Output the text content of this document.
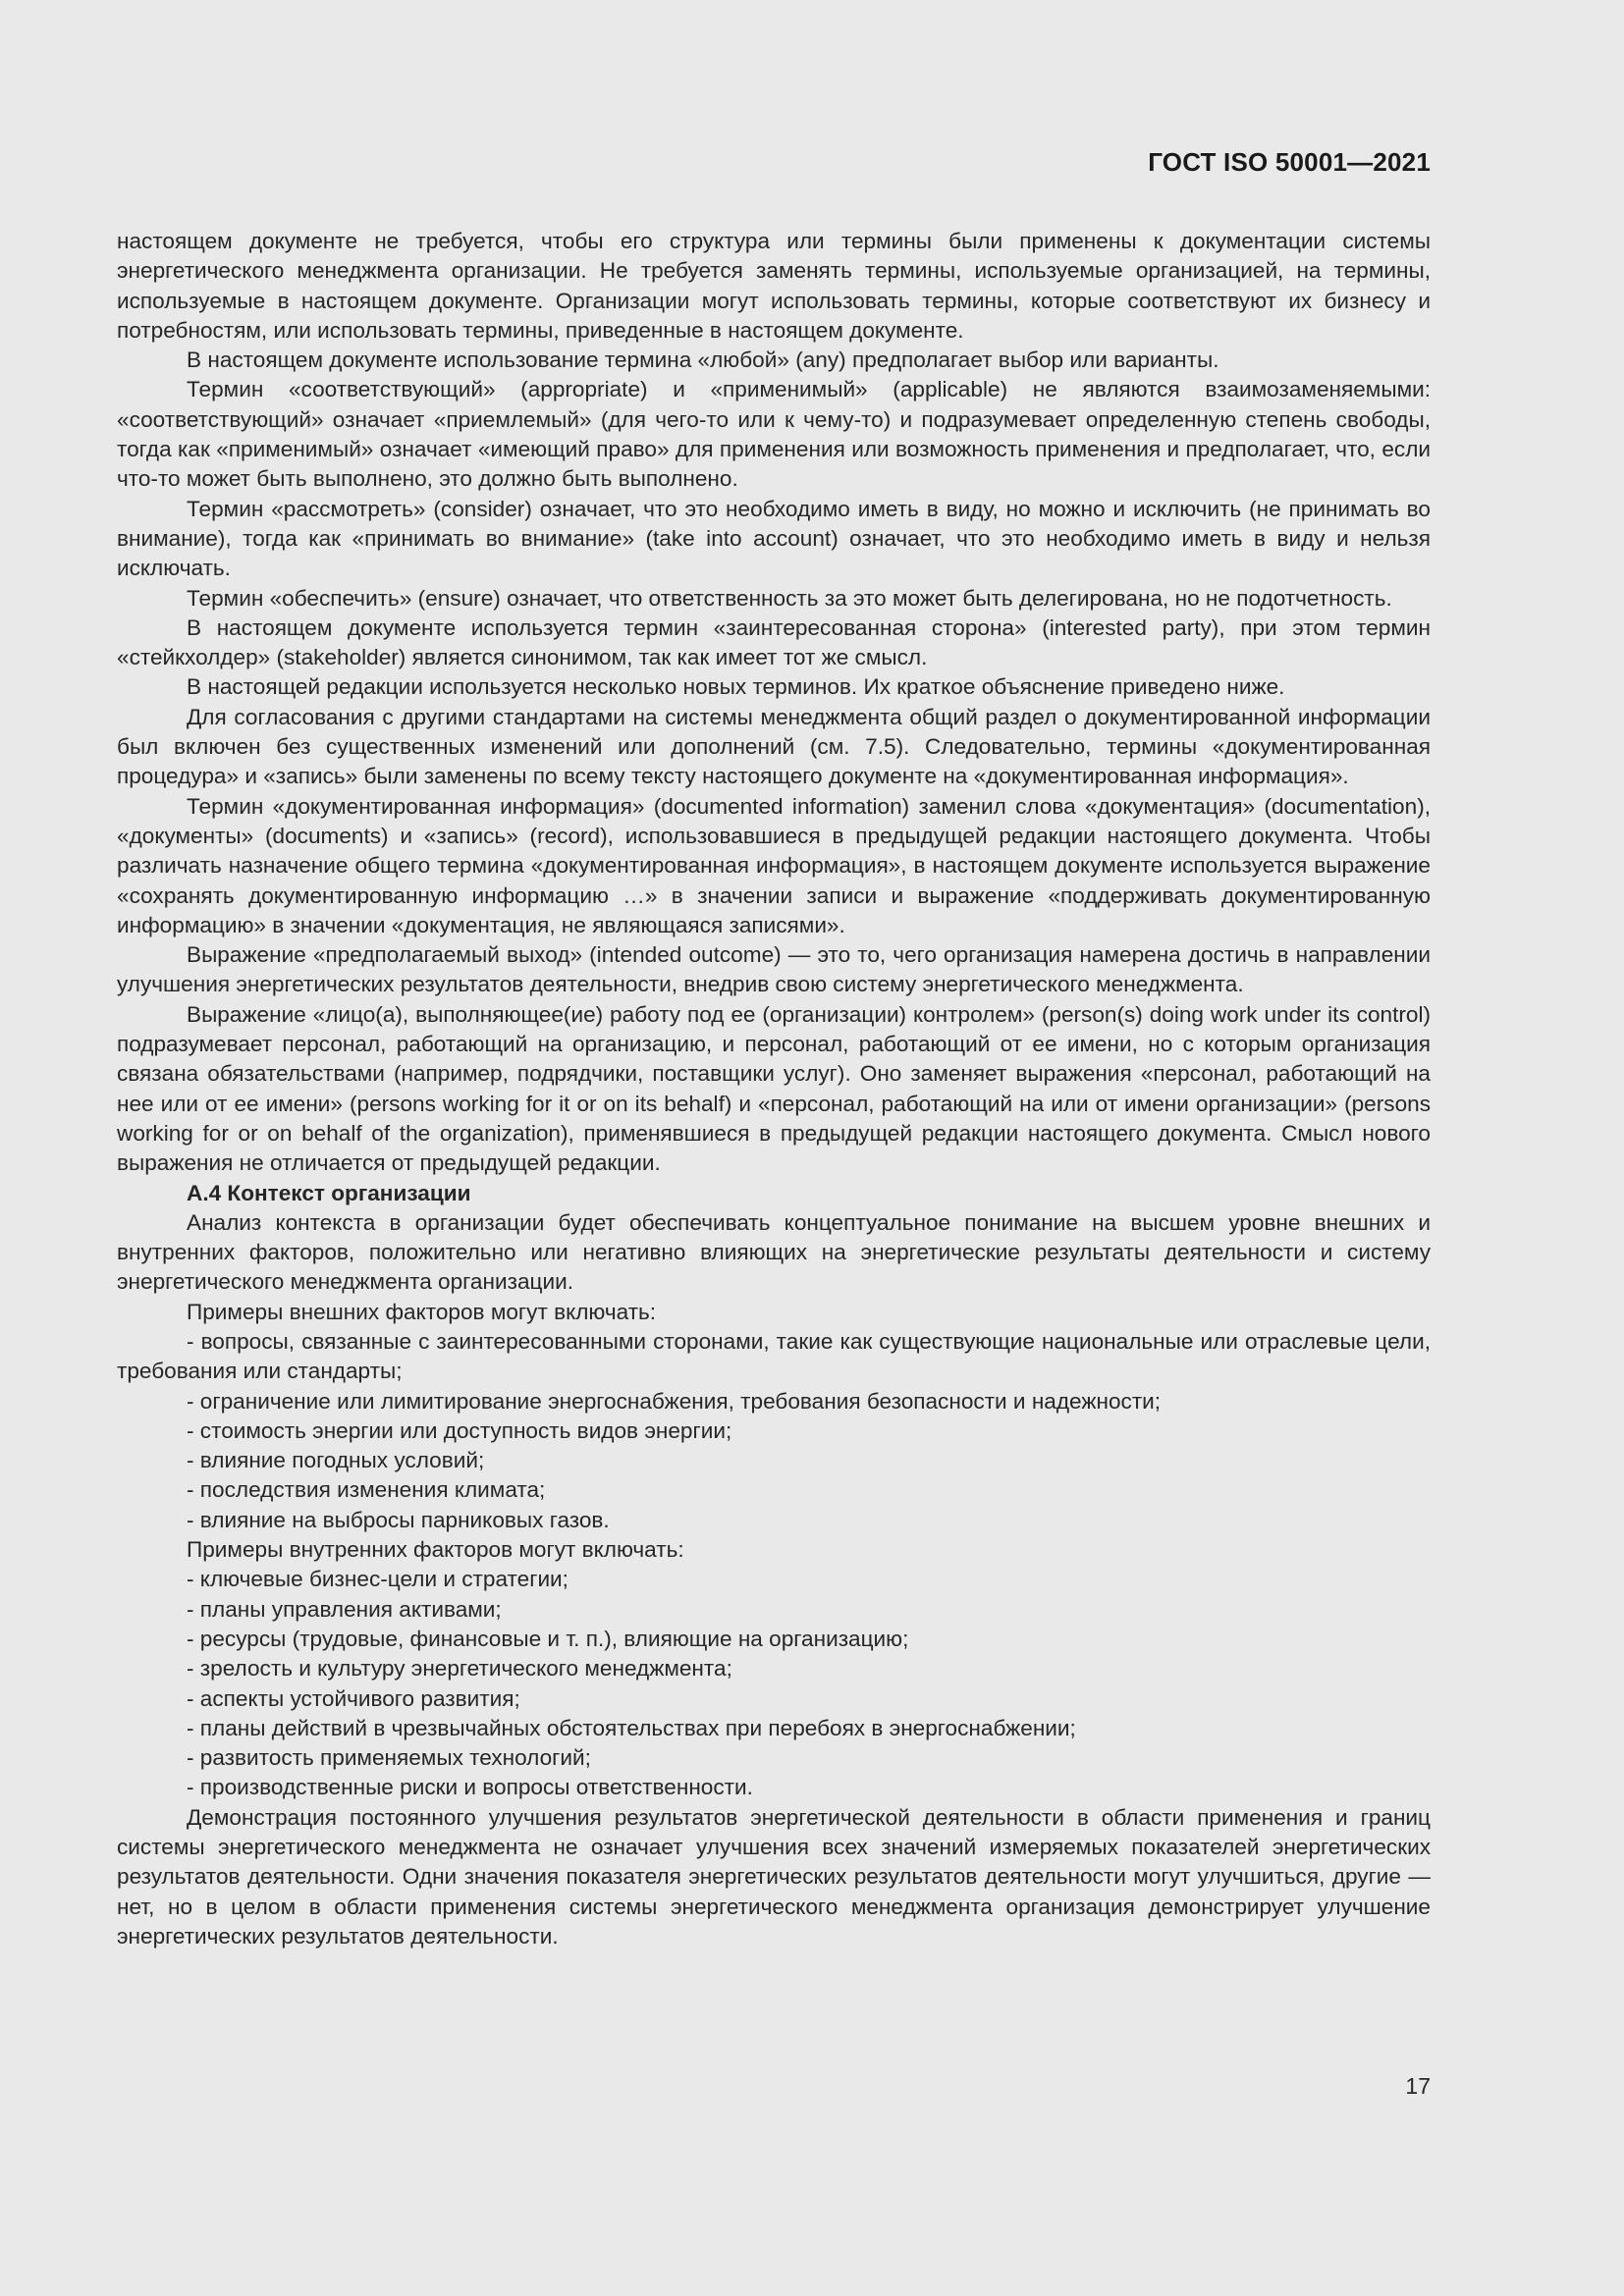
ГОСТ ISO 50001—2021

настоящем документе не требуется, чтобы его структура или термины были применены к документации системы энергетического менеджмента организации. Не требуется заменять термины, используемые организацией, на термины, используемые в настоящем документе. Организации могут использовать термины, которые соответствуют их бизнесу и потребностям, или использовать термины, приведенные в настоящем документе.

В настоящем документе использование термина «любой» (any) предполагает выбор или варианты.

Термин «соответствующий» (appropriate) и «применимый» (applicable) не являются взаимозаменяемыми: «соответствующий» означает «приемлемый» (для чего-то или к чему-то) и подразумевает определенную степень свободы, тогда как «применимый» означает «имеющий право» для применения или возможность применения и предполагает, что, если что-то может быть выполнено, это должно быть выполнено.

Термин «рассмотреть» (consider) означает, что это необходимо иметь в виду, но можно и исключить (не принимать во внимание), тогда как «принимать во внимание» (take into account) означает, что это необходимо иметь в виду и нельзя исключать.

Термин «обеспечить» (ensure) означает, что ответственность за это может быть делегирована, но не подотчетность.

В настоящем документе используется термин «заинтересованная сторона» (interested party), при этом термин «стейкхолдер» (stakeholder) является синонимом, так как имеет тот же смысл.

В настоящей редакции используется несколько новых терминов. Их краткое объяснение приведено ниже.

Для согласования с другими стандартами на системы менеджмента общий раздел о документированной информации был включен без существенных изменений или дополнений (см. 7.5). Следовательно, термины «документированная процедура» и «запись» были заменены по всему тексту настоящего документе на «документированная информация».

Термин «документированная информация» (documented information) заменил слова «документация» (documentation), «документы» (documents) и «запись» (record), использовавшиеся в предыдущей редакции настоящего документа. Чтобы различать назначение общего термина «документированная информация», в настоящем документе используется выражение «сохранять документированную информацию …» в значении записи и выражение «поддерживать документированную информацию» в значении «документация, не являющаяся записями».

Выражение «предполагаемый выход» (intended outcome) — это то, чего организация намерена достичь в направлении улучшения энергетических результатов деятельности, внедрив свою систему энергетического менеджмента.

Выражение «лицо(а), выполняющее(ие) работу под ее (организации) контролем» (person(s) doing work under its control) подразумевает персонал, работающий на организацию, и персонал, работающий от ее имени, но с которым организация связана обязательствами (например, подрядчики, поставщики услуг). Оно заменяет выражения «персонал, работающий на нее или от ее имени» (persons working for it or on its behalf) и «персонал, работающий на или от имени организации» (persons working for or on behalf of the organization), применявшиеся в предыдущей редакции настоящего документа. Смысл нового выражения не отличается от предыдущей редакции.

А.4 Контекст организации

Анализ контекста в организации будет обеспечивать концептуальное понимание на высшем уровне внешних и внутренних факторов, положительно или негативно влияющих на энергетические результаты деятельности и систему энергетического менеджмента организации.

Примеры внешних факторов могут включать:

- вопросы, связанные с заинтересованными сторонами, такие как существующие национальные или отраслевые цели, требования или стандарты;

- ограничение или лимитирование энергоснабжения, требования безопасности и надежности;

- стоимость энергии или доступность видов энергии;

- влияние погодных условий;

- последствия изменения климата;

- влияние на выбросы парниковых газов.

Примеры внутренних факторов могут включать:

- ключевые бизнес-цели и стратегии;

- планы управления активами;

- ресурсы (трудовые, финансовые и т. п.), влияющие на организацию;

- зрелость и культуру энергетического менеджмента;

- аспекты устойчивого развития;

- планы действий в чрезвычайных обстоятельствах при перебоях в энергоснабжении;

- развитость применяемых технологий;

- производственные риски и вопросы ответственности.

Демонстрация постоянного улучшения результатов энергетической деятельности в области применения и границ системы энергетического менеджмента не означает улучшения всех значений измеряемых показателей энергетических результатов деятельности. Одни значения показателя энергетических результатов деятельности могут улучшиться, другие — нет, но в целом в области применения системы энергетического менеджмента организация демонстрирует улучшение энергетических результатов деятельности.

17
